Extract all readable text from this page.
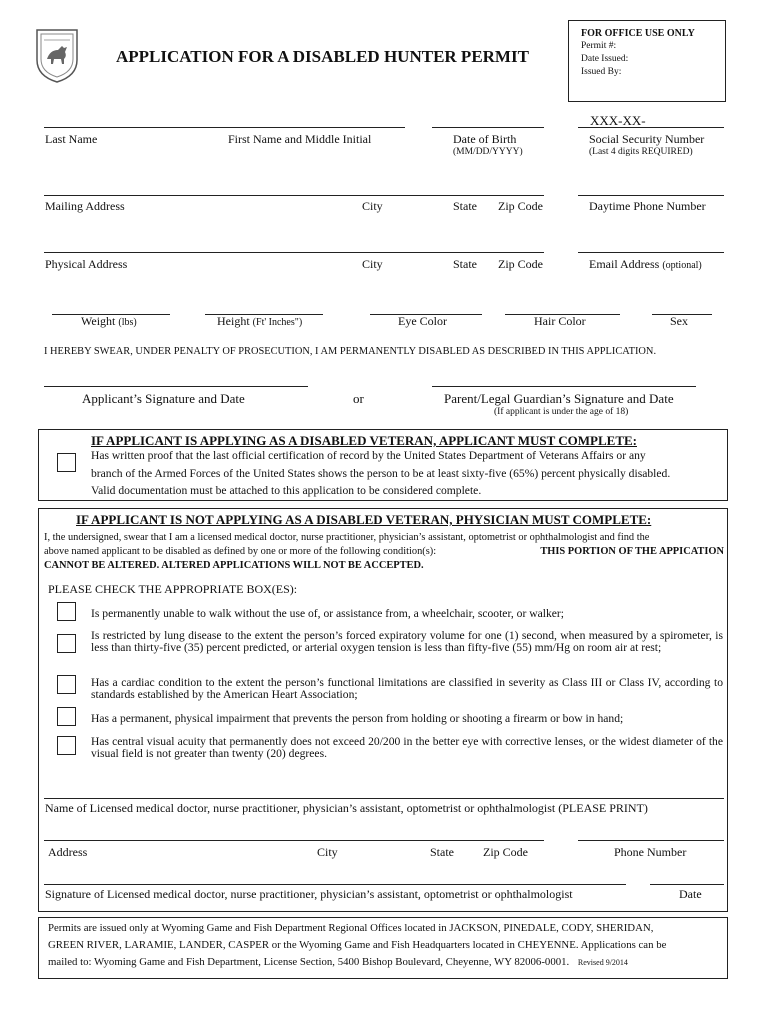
APPLICATION FOR A DISABLED HUNTER PERMIT
FOR OFFICE USE ONLY
Permit #:
Date Issued:
Issued By:
XXX-XX-
Last Name	First Name and Middle Initial	Date of Birth
(MM/DD/YYYY)
Social Security Number
(Last 4 digits REQUIRED)
Mailing Address	City	State Zip Code	Daytime Phone Number
Physical Address	City	State Zip Code	Email Address (optional)
Weight (lbs)	Height (Ft' Inches")	Eye Color	Hair Color	Sex
I HEREBY SWEAR, UNDER PENALTY OF PROSECUTION, I AM PERMANENTLY DISABLED AS DESCRIBED IN THIS APPLICATION.
Applicant’s Signature and Date	or	Parent/Legal Guardian’s Signature and Date
(If applicant is under the age of 18)
IF APPLICANT IS APPLYING AS A DISABLED VETERAN, APPLICANT MUST COMPLETE:
Has written proof that the last official certification of record by the United States Department of Veterans Affairs or any
branch of the Armed Forces of the United States shows the person to be at least sixty-five (65%) percent physically disabled.
Valid documentation must be attached to this application to be considered complete.
IF APPLICANT IS NOT APPLYING AS A DISABLED VETERAN, PHYSICIAN MUST COMPLETE:
I, the undersigned, swear that I am a licensed medical doctor, nurse practitioner, physician’s assistant, optometrist or ophthalmologist and find the
above named applicant to be disabled as defined by one or more of the following condition(s):	THIS PORTION OF THE APPICATION
CANNOT BE ALTERED. ALTERED APPLICATIONS WILL NOT BE ACCEPTED.
PLEASE CHECK THE APPROPRIATE BOX(ES):
Is permanently unable to walk without the use of, or assistance from, a wheelchair, scooter, or walker;
Is restricted by lung disease to the extent the person’s forced expiratory volume for one (1) second, when measured by a spirometer, is less than thirty-five (35) percent predicted, or arterial oxygen tension is less than fifty-five (55) mm/Hg on room air at rest;
Has a cardiac condition to the extent the person’s functional limitations are classified in severity as Class III or Class IV, according to standards established by the American Heart Association;
Has a permanent, physical impairment that prevents the person from holding or shooting a firearm or bow in hand;
Has central visual acuity that permanently does not exceed 20/200 in the better eye with corrective lenses, or the widest diameter of the visual field is not greater than twenty (20) degrees.
Name of Licensed medical doctor, nurse practitioner, physician’s assistant, optometrist or ophthalmologist (PLEASE PRINT)
Address	City	State Zip Code	Phone Number
Signature of Licensed medical doctor, nurse practitioner, physician’s assistant, optometrist or ophthalmologist	Date
Permits are issued only at Wyoming Game and Fish Department Regional Offices located in JACKSON, PINEDALE, CODY, SHERIDAN,
GREEN RIVER, LARAMIE, LANDER, CASPER or the Wyoming Game and Fish Headquarters located in CHEYENNE. Applications can be
mailed to: Wyoming Game and Fish Department, License Section, 5400 Bishop Boulevard, Cheyenne, WY 82006-0001. Revised 9/2014
